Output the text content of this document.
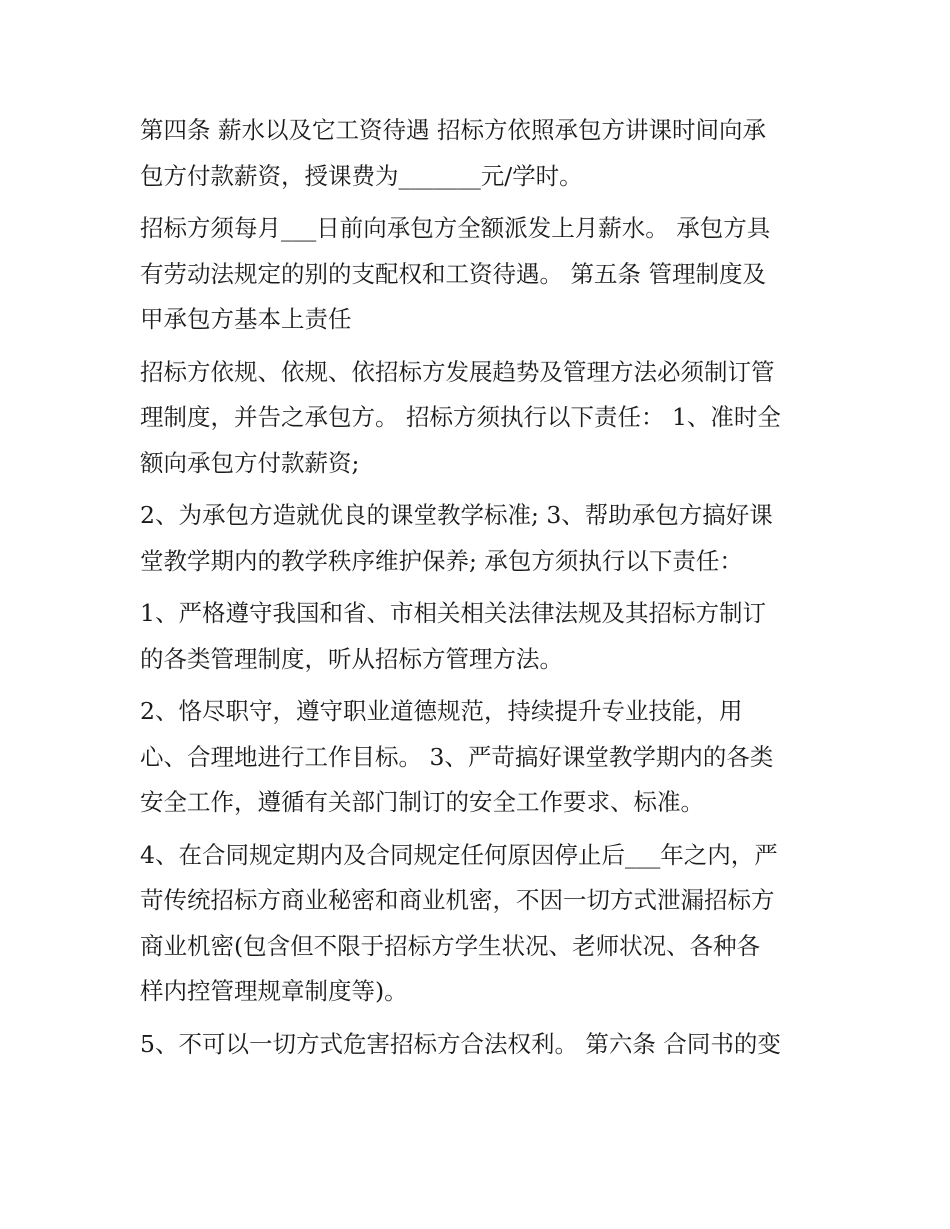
第四条 薪水以及它工资待遇 招标方依照承包方讲课时间向承
包方付款薪资，授课费为_______元/学时。
招标方须每月___日前向承包方全额派发上月薪水。 承包方具
有劳动法规定的别的支配权和工资待遇。 第五条 管理制度及
甲承包方基本上责任
招标方依规、依规、依招标方发展趋势及管理方法必须制订管
理制度，并告之承包方。 招标方须执行以下责任： 1、准时全
额向承包方付款薪资;
2、为承包方造就优良的课堂教学标准; 3、帮助承包方搞好课
堂教学期内的教学秩序维护保养; 承包方须执行以下责任：
1、严格遵守我国和省、市相关相关法律法规及其招标方制订
的各类管理制度，听从招标方管理方法。
2、恪尽职守，遵守职业道德规范，持续提升专业技能，用
心、合理地进行工作目标。 3、严苛搞好课堂教学期内的各类
安全工作，遵循有关部门制订的安全工作要求、标准。
4、在合同规定期内及合同规定任何原因停止后___年之内，严
苛传统招标方商业秘密和商业机密，不因一切方式泄漏招标方
商业机密(包含但不限于招标方学生状况、老师状况、各种各
样内控管理规章制度等)。
5、不可以一切方式危害招标方合法权利。 第六条 合同书的变
